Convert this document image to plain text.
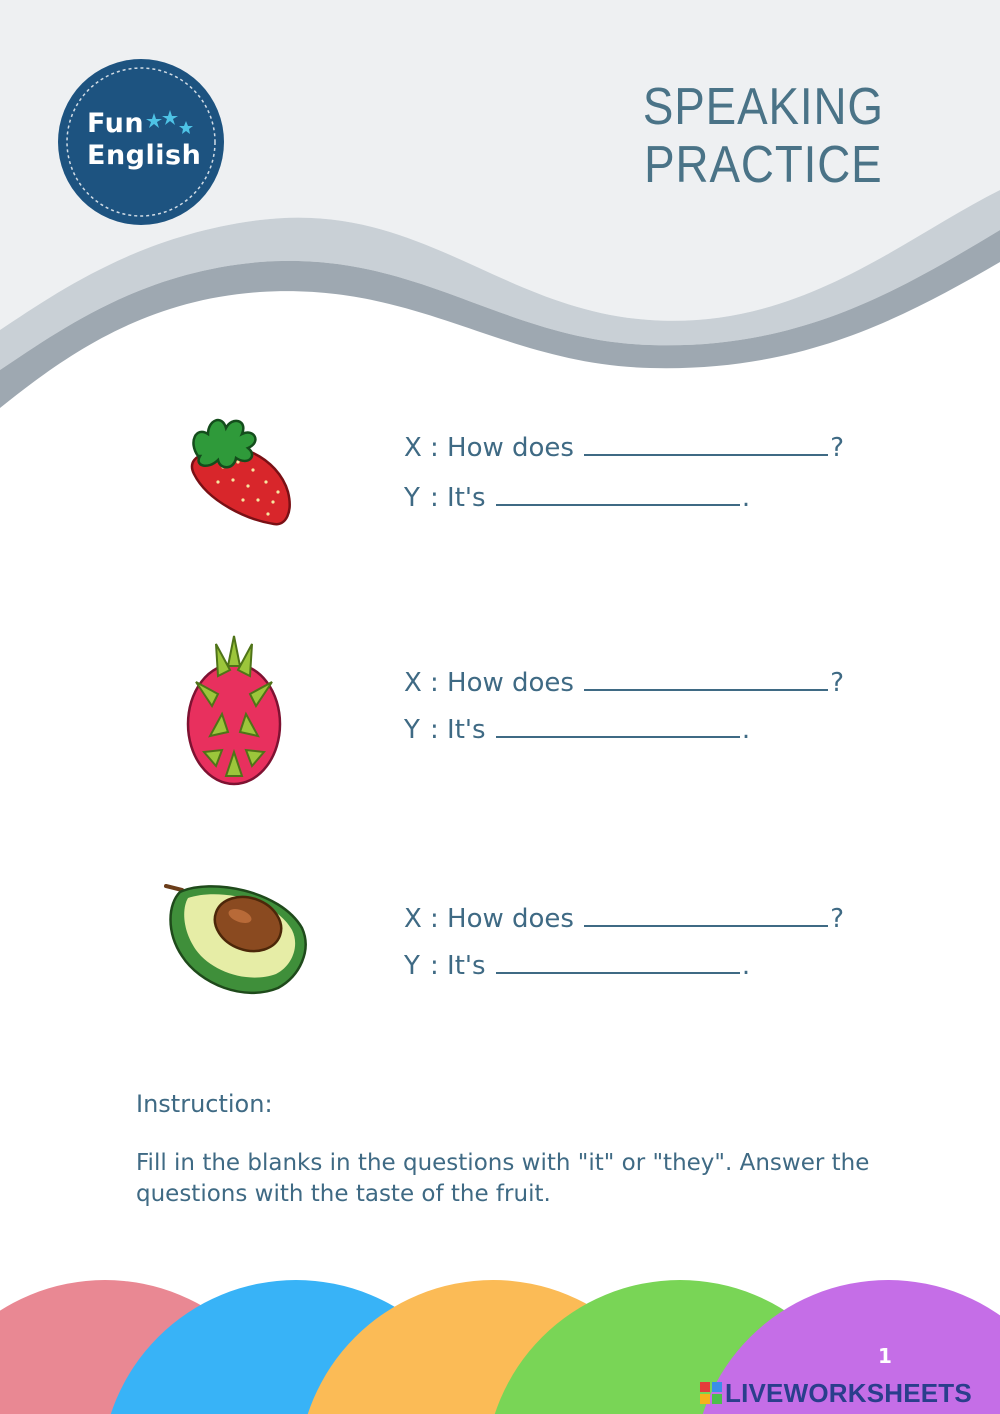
Fun
English
SPEAKING
PRACTICE
X : How does	?
Y : It's	.
X : How does	?
Y : It's	.
X : How does	?
Y : It's	.
Instruction:
Fill in the blanks in the questions with "it" or "they". Answer the questions with the taste of the fruit.
1
LIVEWORKSHEETS
